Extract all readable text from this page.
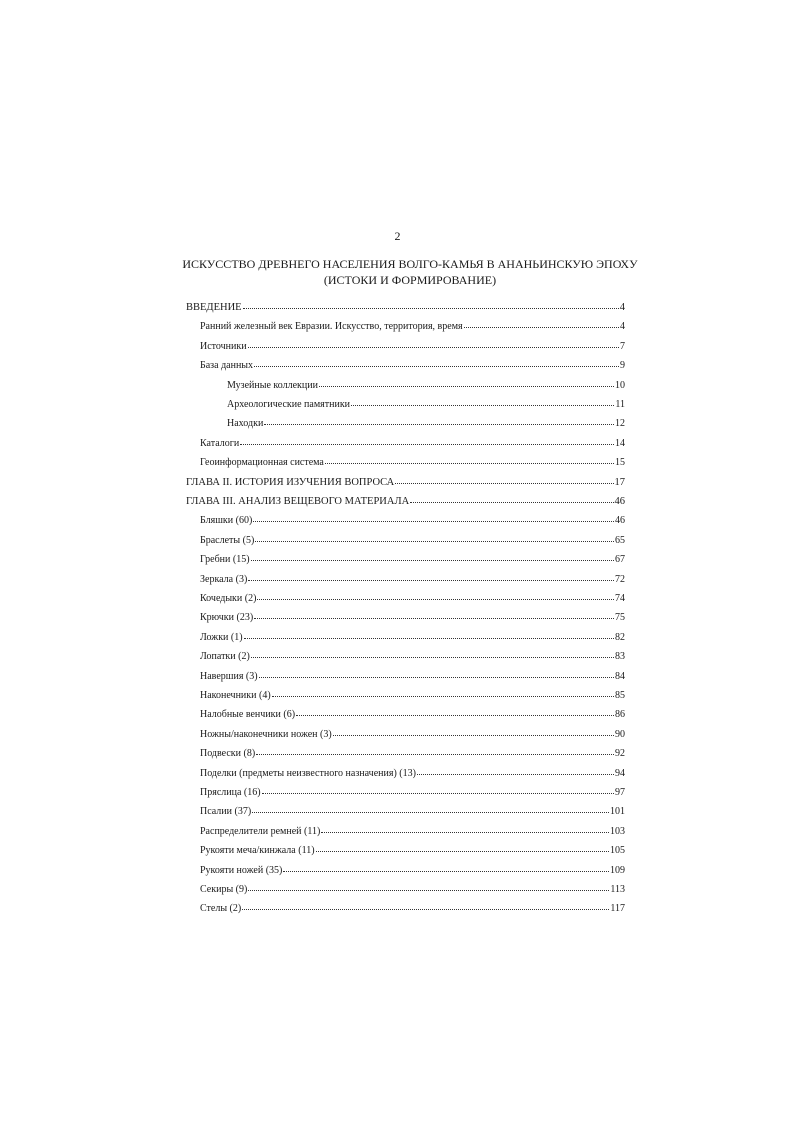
2
ИСКУССТВО ДРЕВНЕГО НАСЕЛЕНИЯ ВОЛГО-КАМЬЯ В АНАНЬИНСКУЮ ЭПОХУ
(ИСТОКИ И ФОРМИРОВАНИЕ)
ВВЕДЕНИЕ	4
Ранний железный век Евразии. Искусство, территория, время	4
Источники	7
База данных	9
Музейные коллекции	10
Археологические памятники	11
Находки	12
Каталоги	14
Геоинформационная система	15
ГЛАВА II. ИСТОРИЯ ИЗУЧЕНИЯ ВОПРОСА	17
ГЛАВА III. АНАЛИЗ ВЕЩЕВОГО МАТЕРИАЛА	46
Бляшки (60)	46
Браслеты (5)	65
Гребни (15)	67
Зеркала (3)	72
Кочедыки (2)	74
Крючки (23)	75
Ложки (1)	82
Лопатки (2)	83
Навершия (3)	84
Наконечники (4)	85
Налобные венчики (6)	86
Ножны/наконечники ножен (3)	90
Подвески (8)	92
Поделки (предметы неизвестного назначения) (13)	94
Пряслица (16)	97
Псалии (37)	101
Распределители ремней (11)	103
Рукояти меча/кинжала (11)	105
Рукояти ножей (35)	109
Секиры (9)	113
Стелы (2)	117
